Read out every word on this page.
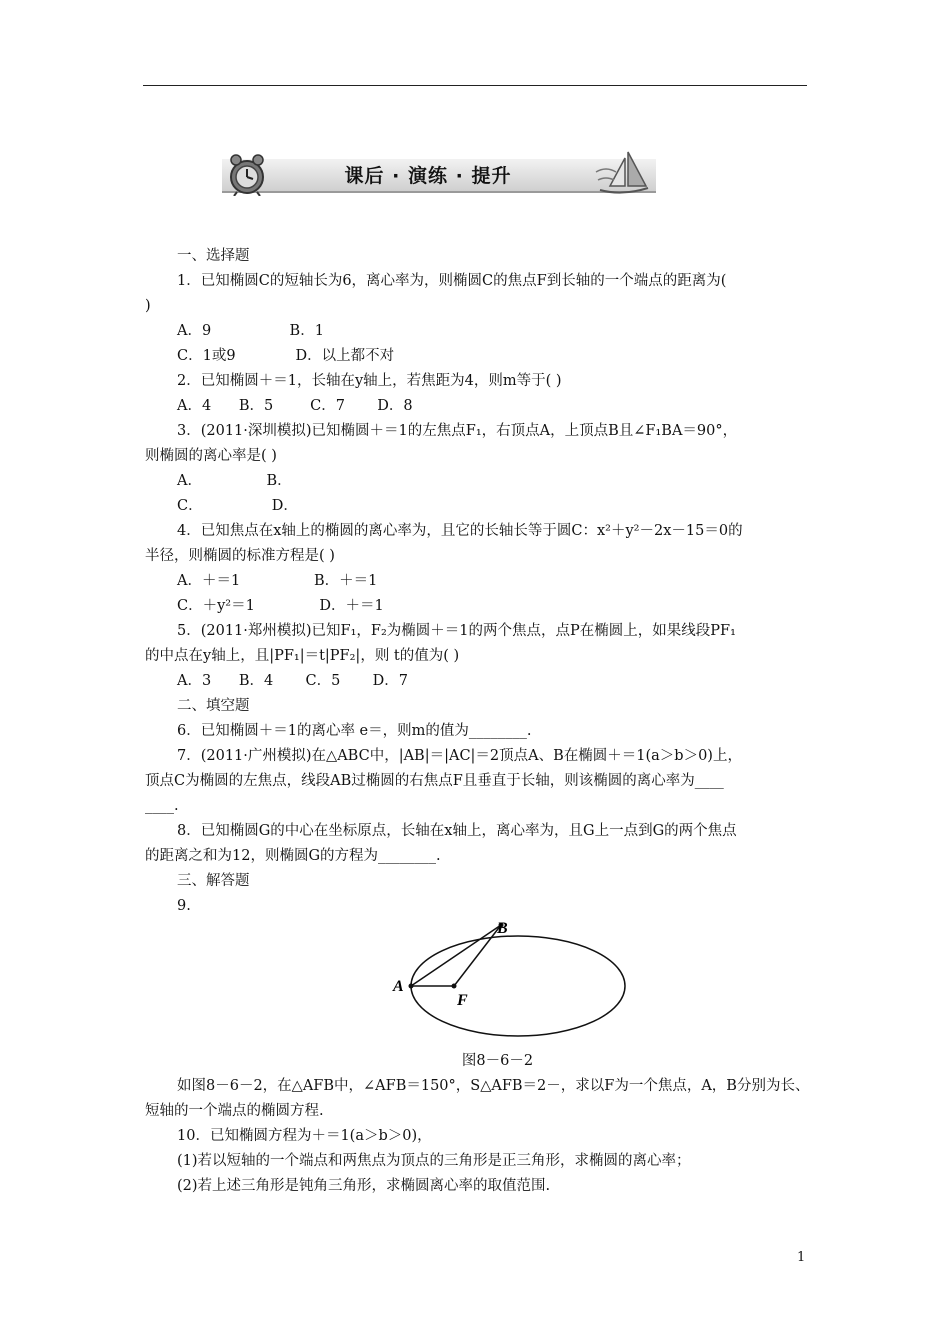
课后 · 演练 · 提升

一、选择题

1．已知椭圆C的短轴长为6，离心率为，则椭圆C的焦点F到长轴的一个端点的距离为(

)

A．9                 B．1

C．1或9             D．以上都不对

2．已知椭圆＋＝1，长轴在y轴上，若焦距为4，则m等于( )

A．4      B．5        C．7       D．8

3．(2011·深圳模拟)已知椭圆＋＝1的左焦点F₁，右顶点A，上顶点B且∠F₁BA＝90°，

则椭圆的离心率是( )

A．              B．

C．               D．

4．已知焦点在x轴上的椭圆的离心率为，且它的长轴长等于圆C：x²＋y²－2x－15＝0的

半径，则椭圆的标准方程是( )

A．＋＝1                B．＋＝1

C．＋y²＝1              D．＋＝1

5．(2011·郑州模拟)已知F₁，F₂为椭圆＋＝1的两个焦点，点P在椭圆上，如果线段PF₁

的中点在y轴上，且|PF₁|＝t|PF₂|，则 t的值为( )

A．3      B．4       C．5       D．7

二、填空题

6．已知椭圆＋＝1的离心率 e＝，则m的值为________.

7．(2011·广州模拟)在△ABC中，|AB|＝|AC|＝2顶点A、B在椭圆＋＝1(a＞b＞0)上，

顶点C为椭圆的左焦点，线段AB过椭圆的右焦点F且垂直于长轴，则该椭圆的离心率为____

____.

8．已知椭圆G的中心在坐标原点，长轴在x轴上，离心率为，且G上一点到G的两个焦点

的距离之和为12，则椭圆G的方程为________.

三、解答题

9.

A
B
F

图8－6－2

如图8－6－2，在△AFB中，∠AFB＝150°，S△AFB＝2－，求以F为一个焦点，A，B分别为长、

短轴的一个端点的椭圆方程.

10．已知椭圆方程为＋＝1(a＞b＞0)，

(1)若以短轴的一个端点和两焦点为顶点的三角形是正三角形，求椭圆的离心率；

(2)若上述三角形是钝角三角形，求椭圆离心率的取值范围.

1
